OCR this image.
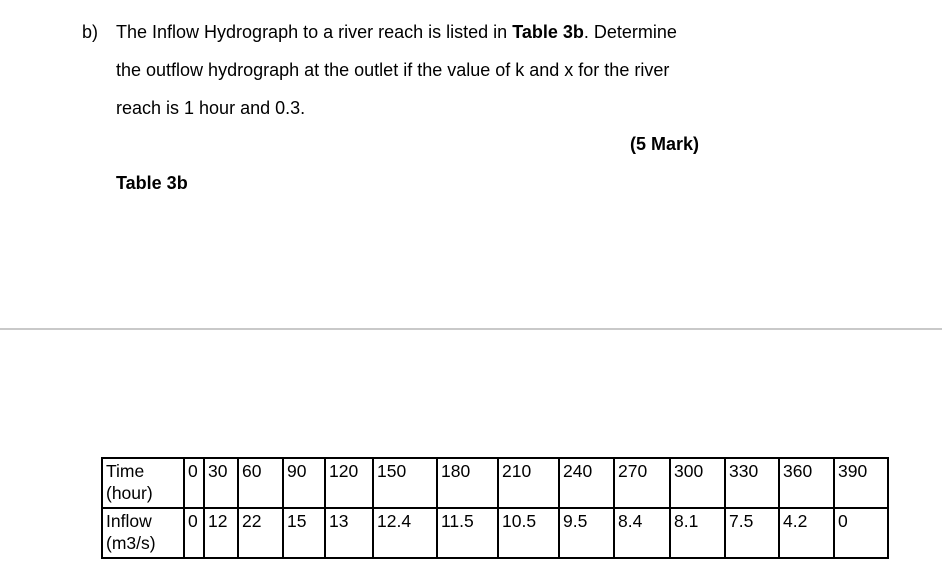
b) The Inflow Hydrograph to a river reach is listed in Table 3b. Determine
the outflow hydrograph at the outlet if the value of k and x for the river
reach is 1 hour and 0.3.
(5 Mark)
Table 3b
Time (hour)	0	30	60	90	120	150	180	210	240	270	300	330	360	390
Inflow (m3/s)	0	12	22	15	13	12.4	11.5	10.5	9.5	8.4	8.1	7.5	4.2	0
